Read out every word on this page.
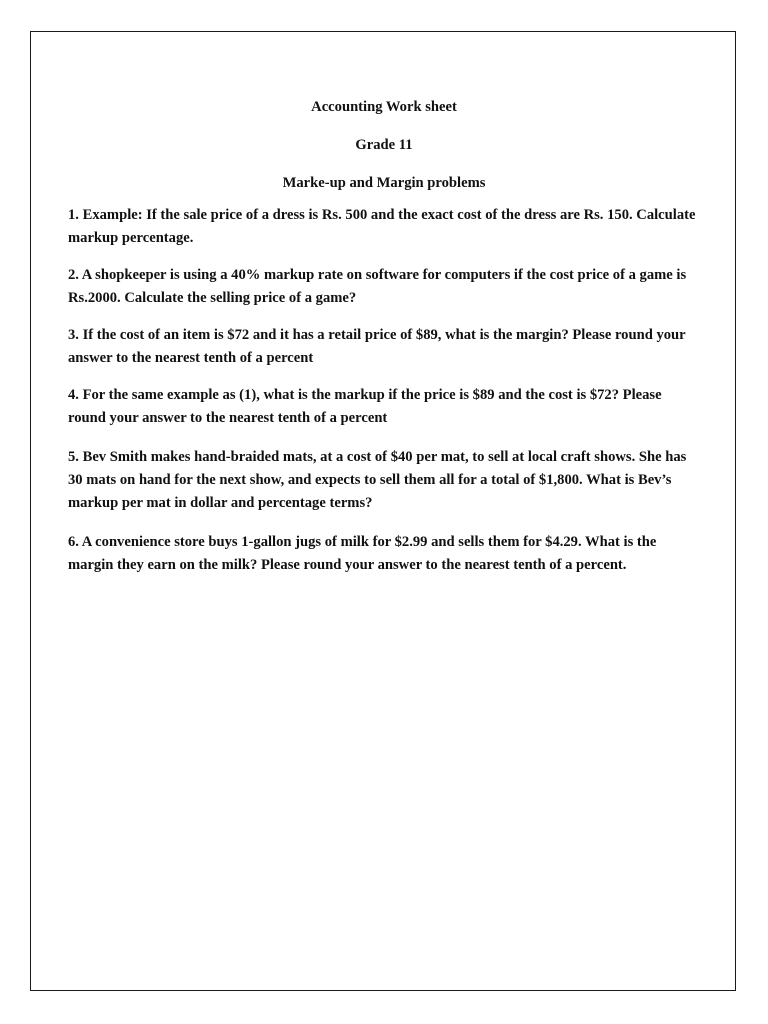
Accounting Work sheet

Grade 11

Marke-up and Margin problems

1. Example: If the sale price of a dress is Rs. 500 and the exact cost of the dress are Rs. 150. Calculate markup percentage.

2. A shopkeeper is using a 40% markup rate on software for computers if the cost price of a game is Rs.2000. Calculate the selling price of a game?

3. If the cost of an item is $72 and it has a retail price of $89, what is the margin? Please round your answer to the nearest tenth of a percent

4. For the same example as (1), what is the markup if the price is $89 and the cost is $72? Please round your answer to the nearest tenth of a percent

5. Bev Smith makes hand-braided mats, at a cost of $40 per mat, to sell at local craft shows. She has 30 mats on hand for the next show, and expects to sell them all for a total of $1,800. What is Bev’s markup per mat in dollar and percentage terms?

6. A convenience store buys 1-gallon jugs of milk for $2.99 and sells them for $4.29. What is the margin they earn on the milk? Please round your answer to the nearest tenth of a percent.
